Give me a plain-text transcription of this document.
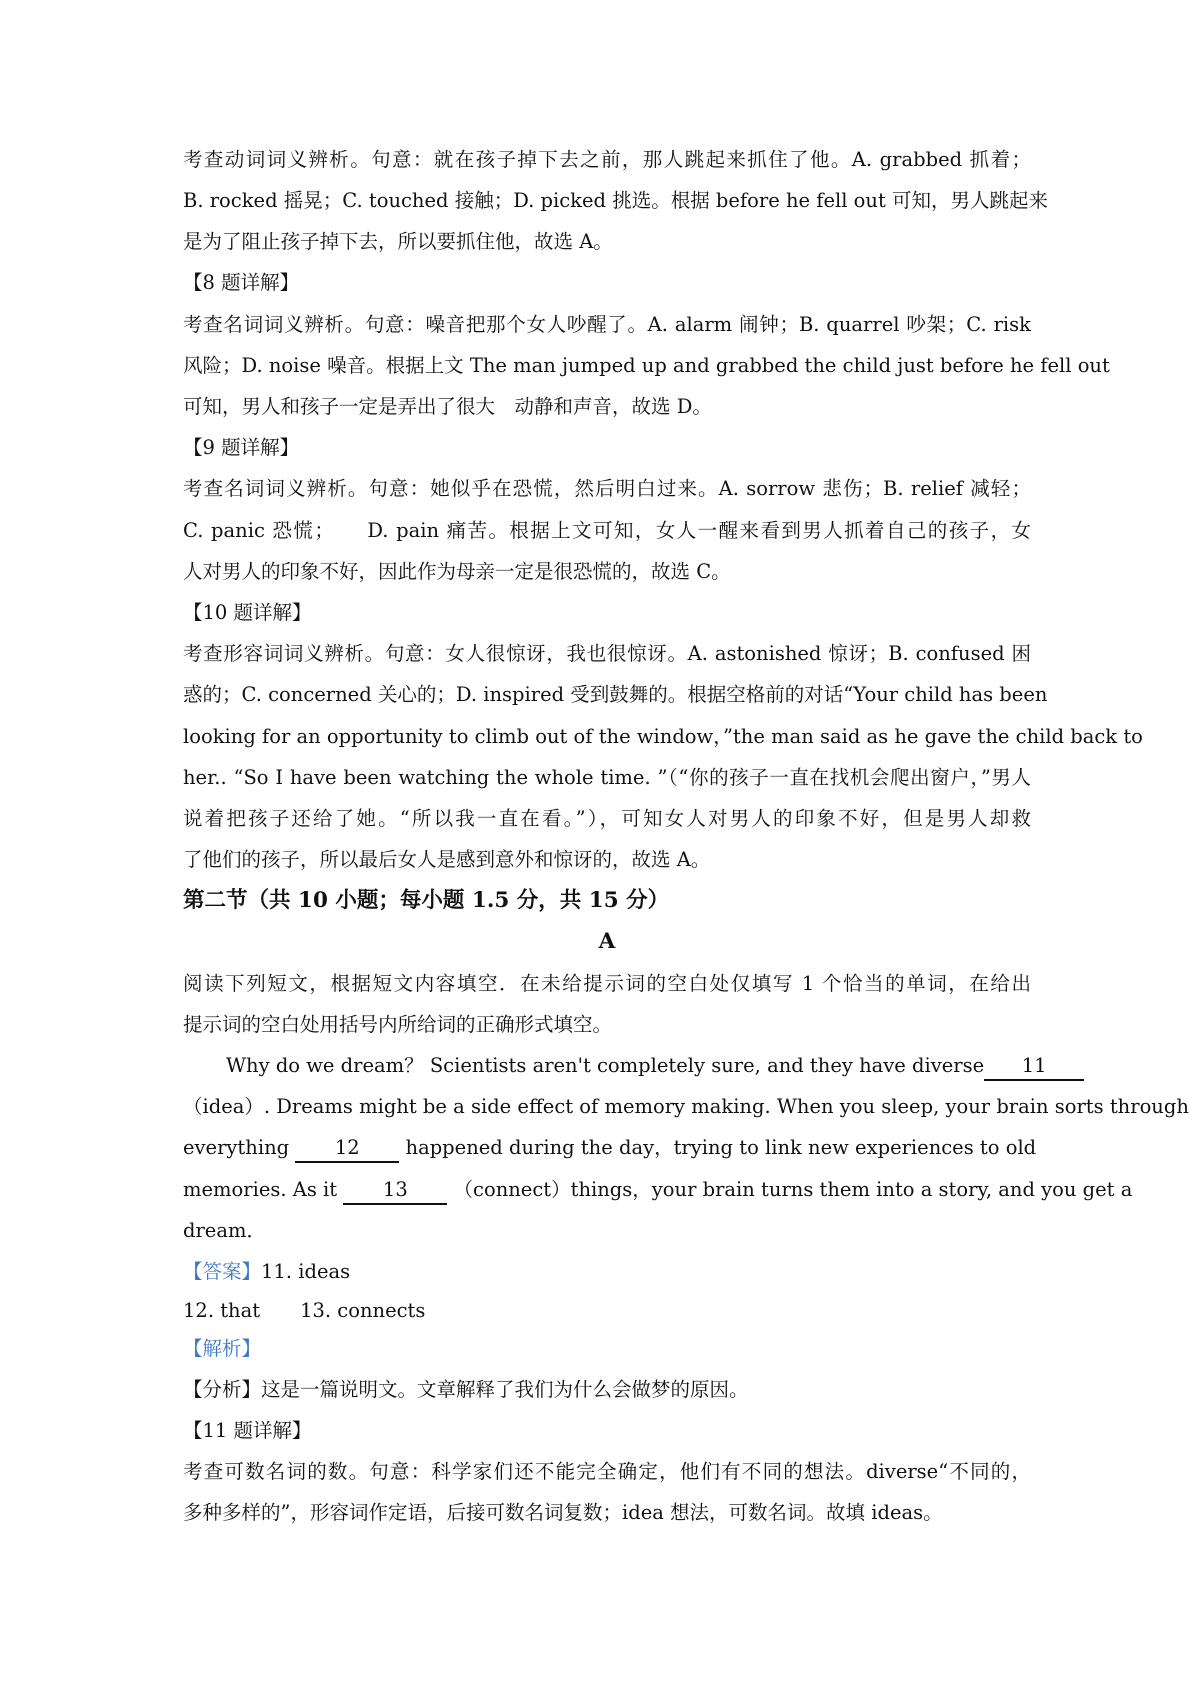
考查动词词义辨析。句意：就在孩子掉下去之前，那人跳起来抓住了他。A. grabbed 抓着；
B. rocked 摇晃；C. touched 接触；D. picked 挑选。根据 before he fell out 可知，男人跳起来
是为了阻止孩子掉下去，所以要抓住他，故选 A。
【8 题详解】
考查名词词义辨析。句意：噪音把那个女人吵醒了。A. alarm 闹钟；B. quarrel 吵架；C. risk
风险；D. noise 噪音。根据上文 The man jumped up and grabbed the child just before he fell out
可知，男人和孩子一定是弄出了很大　动静和声音，故选 D。
【9 题详解】
考查名词词义辨析。句意：她似乎在恐慌，然后明白过来。A. sorrow 悲伤；B. relief 减轻；
C. panic 恐慌；　　D. pain 痛苦。根据上文可知，女人一醒来看到男人抓着自己的孩子，女
人对男人的印象不好，因此作为母亲一定是很恐慌的，故选 C。
【10 题详解】
考查形容词词义辨析。句意：女人很惊讶，我也很惊讶。A. astonished 惊讶；B. confused 困
惑的；C. concerned 关心的；D. inspired 受到鼓舞的。根据空格前的对话“Your child has been
looking for an opportunity to climb out of the window，”the man said as he gave the child back to
her.. “So I have been watching the whole time. ”（“你的孩子一直在找机会爬出窗户，”男人
说着把孩子还给了她。“所以我一直在看。”），可知女人对男人的印象不好，但是男人却救
了他们的孩子，所以最后女人是感到意外和惊讶的，故选 A。
第二节（共 10 小题；每小题 1.5 分，共 15 分）
A
阅读下列短文，根据短文内容填空．在未给提示词的空白处仅填写 1 个恰当的单词，在给出
提示词的空白处用括号内所给词的正确形式填空。
Why do we dream？ Scientists aren't completely sure, and they have diverse 11
（idea）. Dreams might be a side effect of memory making. When you sleep, your brain sorts through
everything 12 happened during the day，trying to link new experiences to old
memories. As it 13 （connect）things，your brain turns them into a story, and you get a
dream．
【答案】11. ideas
12. that 13. connects
【解析】
【分析】这是一篇说明文。文章解释了我们为什么会做梦的原因。
【11 题详解】
考查可数名词的数。句意：科学家们还不能完全确定，他们有不同的想法。diverse“不同的，
多种多样的”，形容词作定语，后接可数名词复数；idea 想法，可数名词。故填 ideas。
